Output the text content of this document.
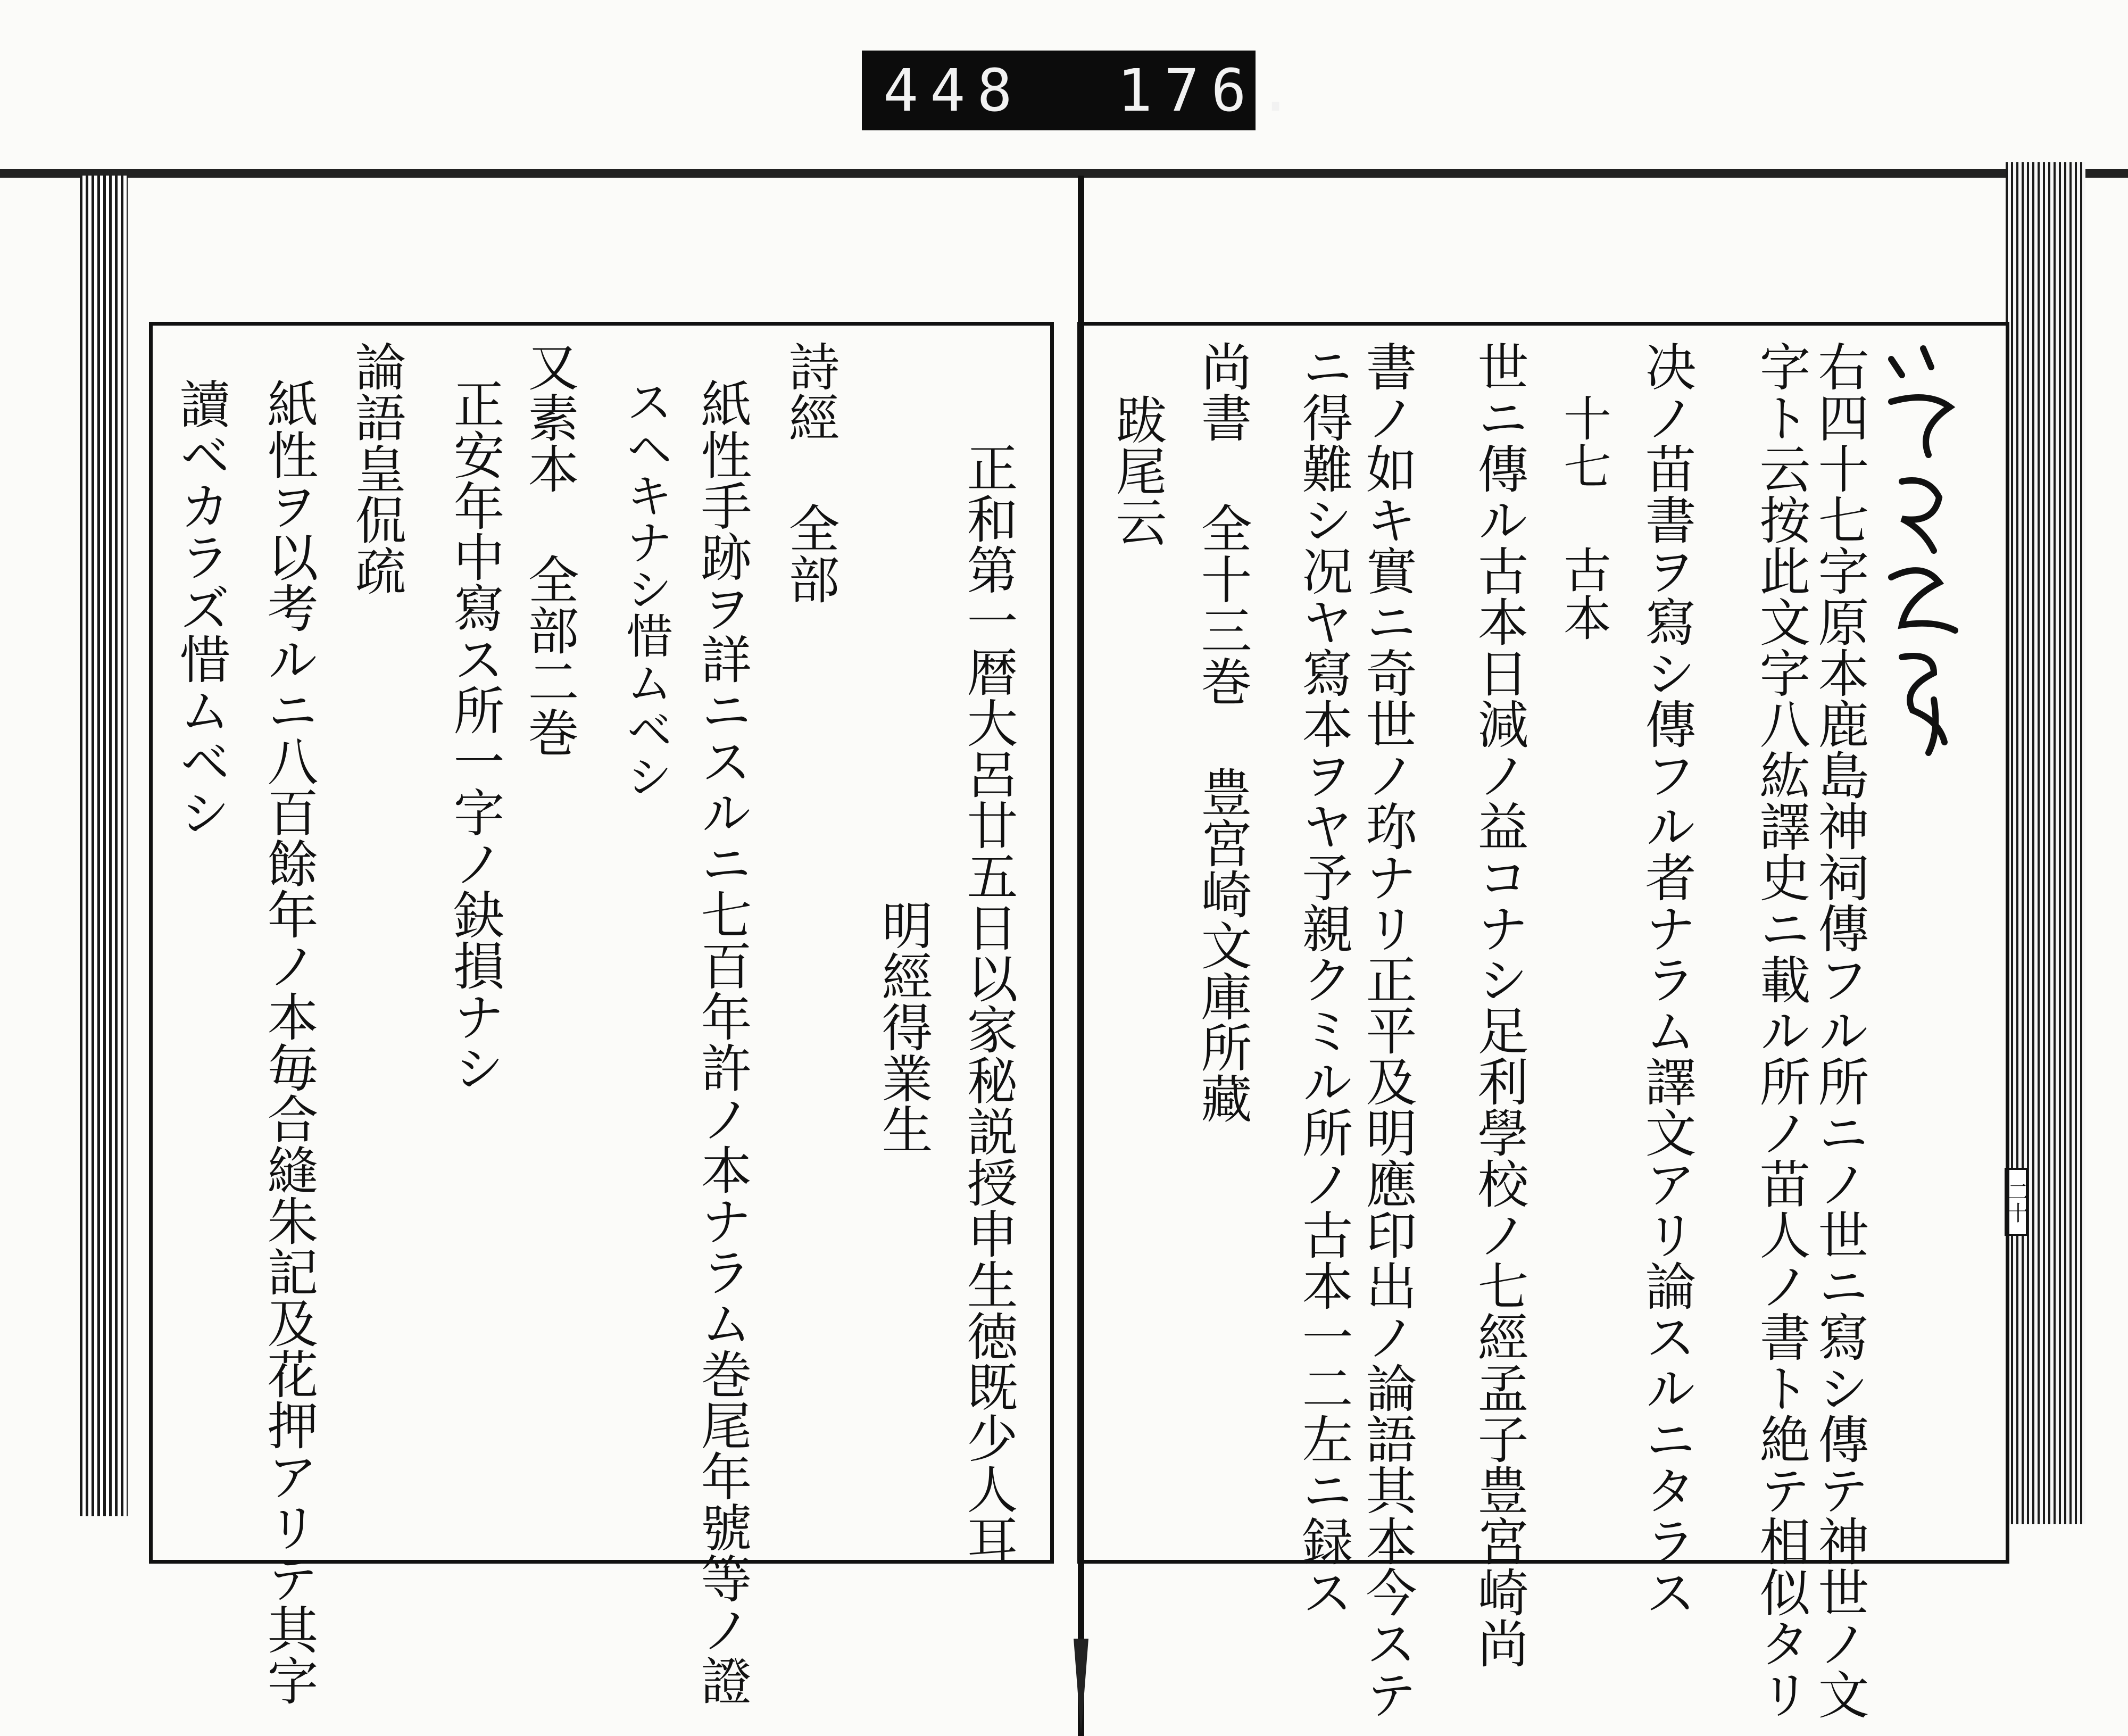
448 176.
二十
右四十七字原本鹿島神祠傳フル所ニノ世ニ寫シ傳テ神世ノ文
字ト云按此文字八紘譯史ニ載ル所ノ苗人ノ書ト絶テ相似タリ
决ノ苗書ヲ寫シ傳フル者ナラム譯文アリ論スルニタラス
十七 古本
世ニ傳ル古本日減ノ益コナシ足利學校ノ七經孟子豊宮崎尚
書ノ如キ實ニ奇世ノ珎ナリ正平及明應印出ノ論語其本今ステ
ニ得難シ况ヤ寫本ヲヤ予親クミル所ノ古本一二左ニ録ス
尚書 全十三巻 豊宮崎文庫所藏
跋尾云
正和第一暦大呂廿五日以家秘説授申生徳既少人耳
明經得業生
詩經 全部
紙性手跡ヲ詳ニスルニ七百年許ノ本ナラム巻尾年號等ノ證
スヘキナシ惜ムベシ
又素本 全部二巻
正安年中寫ス所一字ノ鈌損ナシ
論語皇侃疏
紙性ヲ以考ルニ八百餘年ノ本毎合縫朱記及花押アリテ其字
讀ベカラズ惜ムベシ
